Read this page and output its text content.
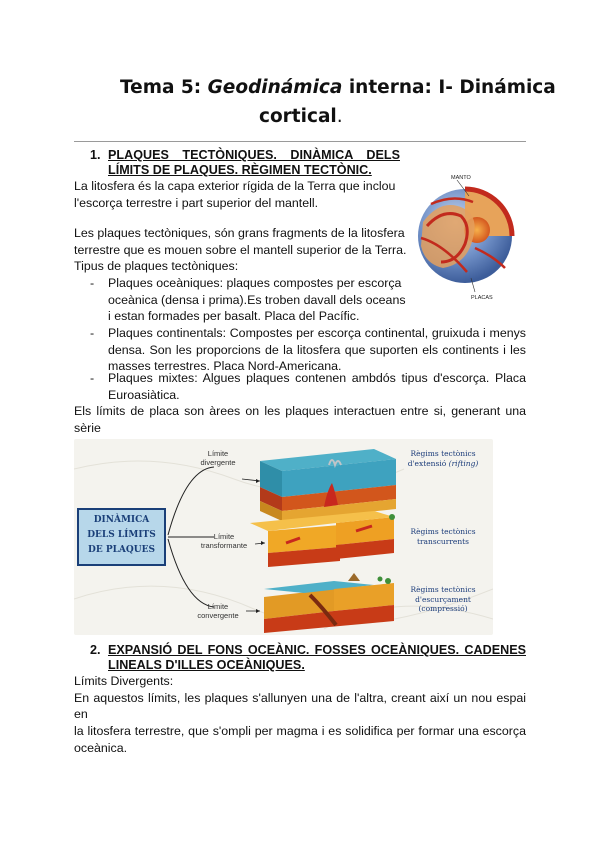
Tema 5: Geodinámica interna: I- Dinámica
cortical.
1. PLAQUES TECTÒNIQUES. DINÀMICA DELS
LÍMITS DE PLAQUES. RÈGIMEN TECTÒNIC.
La litosfera és la capa exterior rígida de la Terra que inclou
l'escorça terrestre i part superior del mantell.
MANTO
PLACAS
Les plaques tectòniques, són grans fragments de la litosfera
terrestre que es mouen sobre el mantell superior de la Terra.
Tipus de plaques tectòniques:
- Plaques oceàniques: plaques compostes per escorça
oceànica (densa i prima).Es troben davall dels oceans
i estan formades per basalt. Placa del Pacífic.
- Plaques continentals: Compostes per escorça continental, gruixuda i menys
densa. Son les proporcions de la litosfera que suporten els continents i les
masses terrestres. Placa Nord-Americana.
- Plaques mixtes: Algues plaques contenen ambdós tipus d'escorça. Placa
Euroasiàtica.
Els límits de placa son àrees on les plaques interactuen entre si, generant una sèrie
DINÀMICA
DELS LÍMITS
DE PLAQUES
Límite
divergente
Límite
transformante
Límite
convergente
Règims tectònics
d'extensió (rifting)
Règims tectònics
transcurrents
Règims tectònics
d'escurçament
(compressió)
2. EXPANSIÓ DEL FONS OCEÀNIC. FOSSES OCEÀNIQUES. CADENES
LINEALS D'ILLES OCEÀNIQUES.
Límits Divergents:
En aquestos límits, les plaques s'allunyen una de l'altra, creant així un nou espai en
la litosfera terrestre, que s'ompli per magma i es solidifica per formar una escorça
oceànica.
